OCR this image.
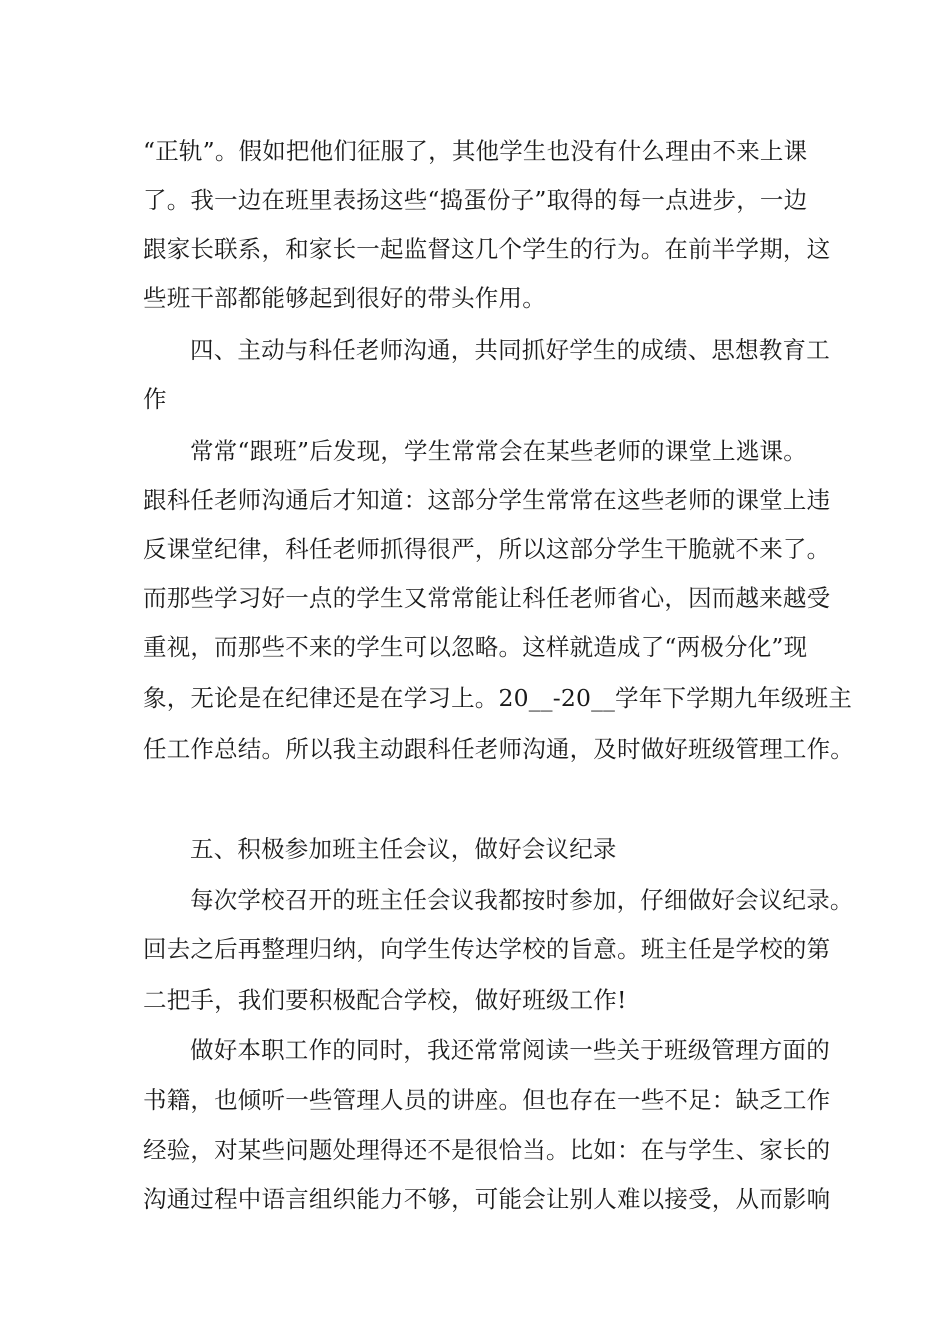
“正轨”。假如把他们征服了，其他学生也没有什么理由不来上课
了。我一边在班里表扬这些“捣蛋份子”取得的每一点进步，一边
跟家长联系，和家长一起监督这几个学生的行为。在前半学期，这
些班干部都能够起到很好的带头作用。
四、主动与科任老师沟通，共同抓好学生的成绩、思想教育工
作
常常“跟班”后发现，学生常常会在某些老师的课堂上逃课。
跟科任老师沟通后才知道：这部分学生常常在这些老师的课堂上违
反课堂纪律，科任老师抓得很严，所以这部分学生干脆就不来了。
而那些学习好一点的学生又常常能让科任老师省心，因而越来越受
重视，而那些不来的学生可以忽略。这样就造成了“两极分化”现
象，无论是在纪律还是在学习上。20__-20__学年下学期九年级班主
任工作总结。所以我主动跟科任老师沟通，及时做好班级管理工作。
五、积极参加班主任会议，做好会议纪录
每次学校召开的班主任会议我都按时参加，仔细做好会议纪录。
回去之后再整理归纳，向学生传达学校的旨意。班主任是学校的第
二把手，我们要积极配合学校，做好班级工作!
做好本职工作的同时，我还常常阅读一些关于班级管理方面的
书籍，也倾听一些管理人员的讲座。但也存在一些不足：缺乏工作
经验，对某些问题处理得还不是很恰当。比如：在与学生、家长的
沟通过程中语言组织能力不够，可能会让别人难以接受，从而影响
